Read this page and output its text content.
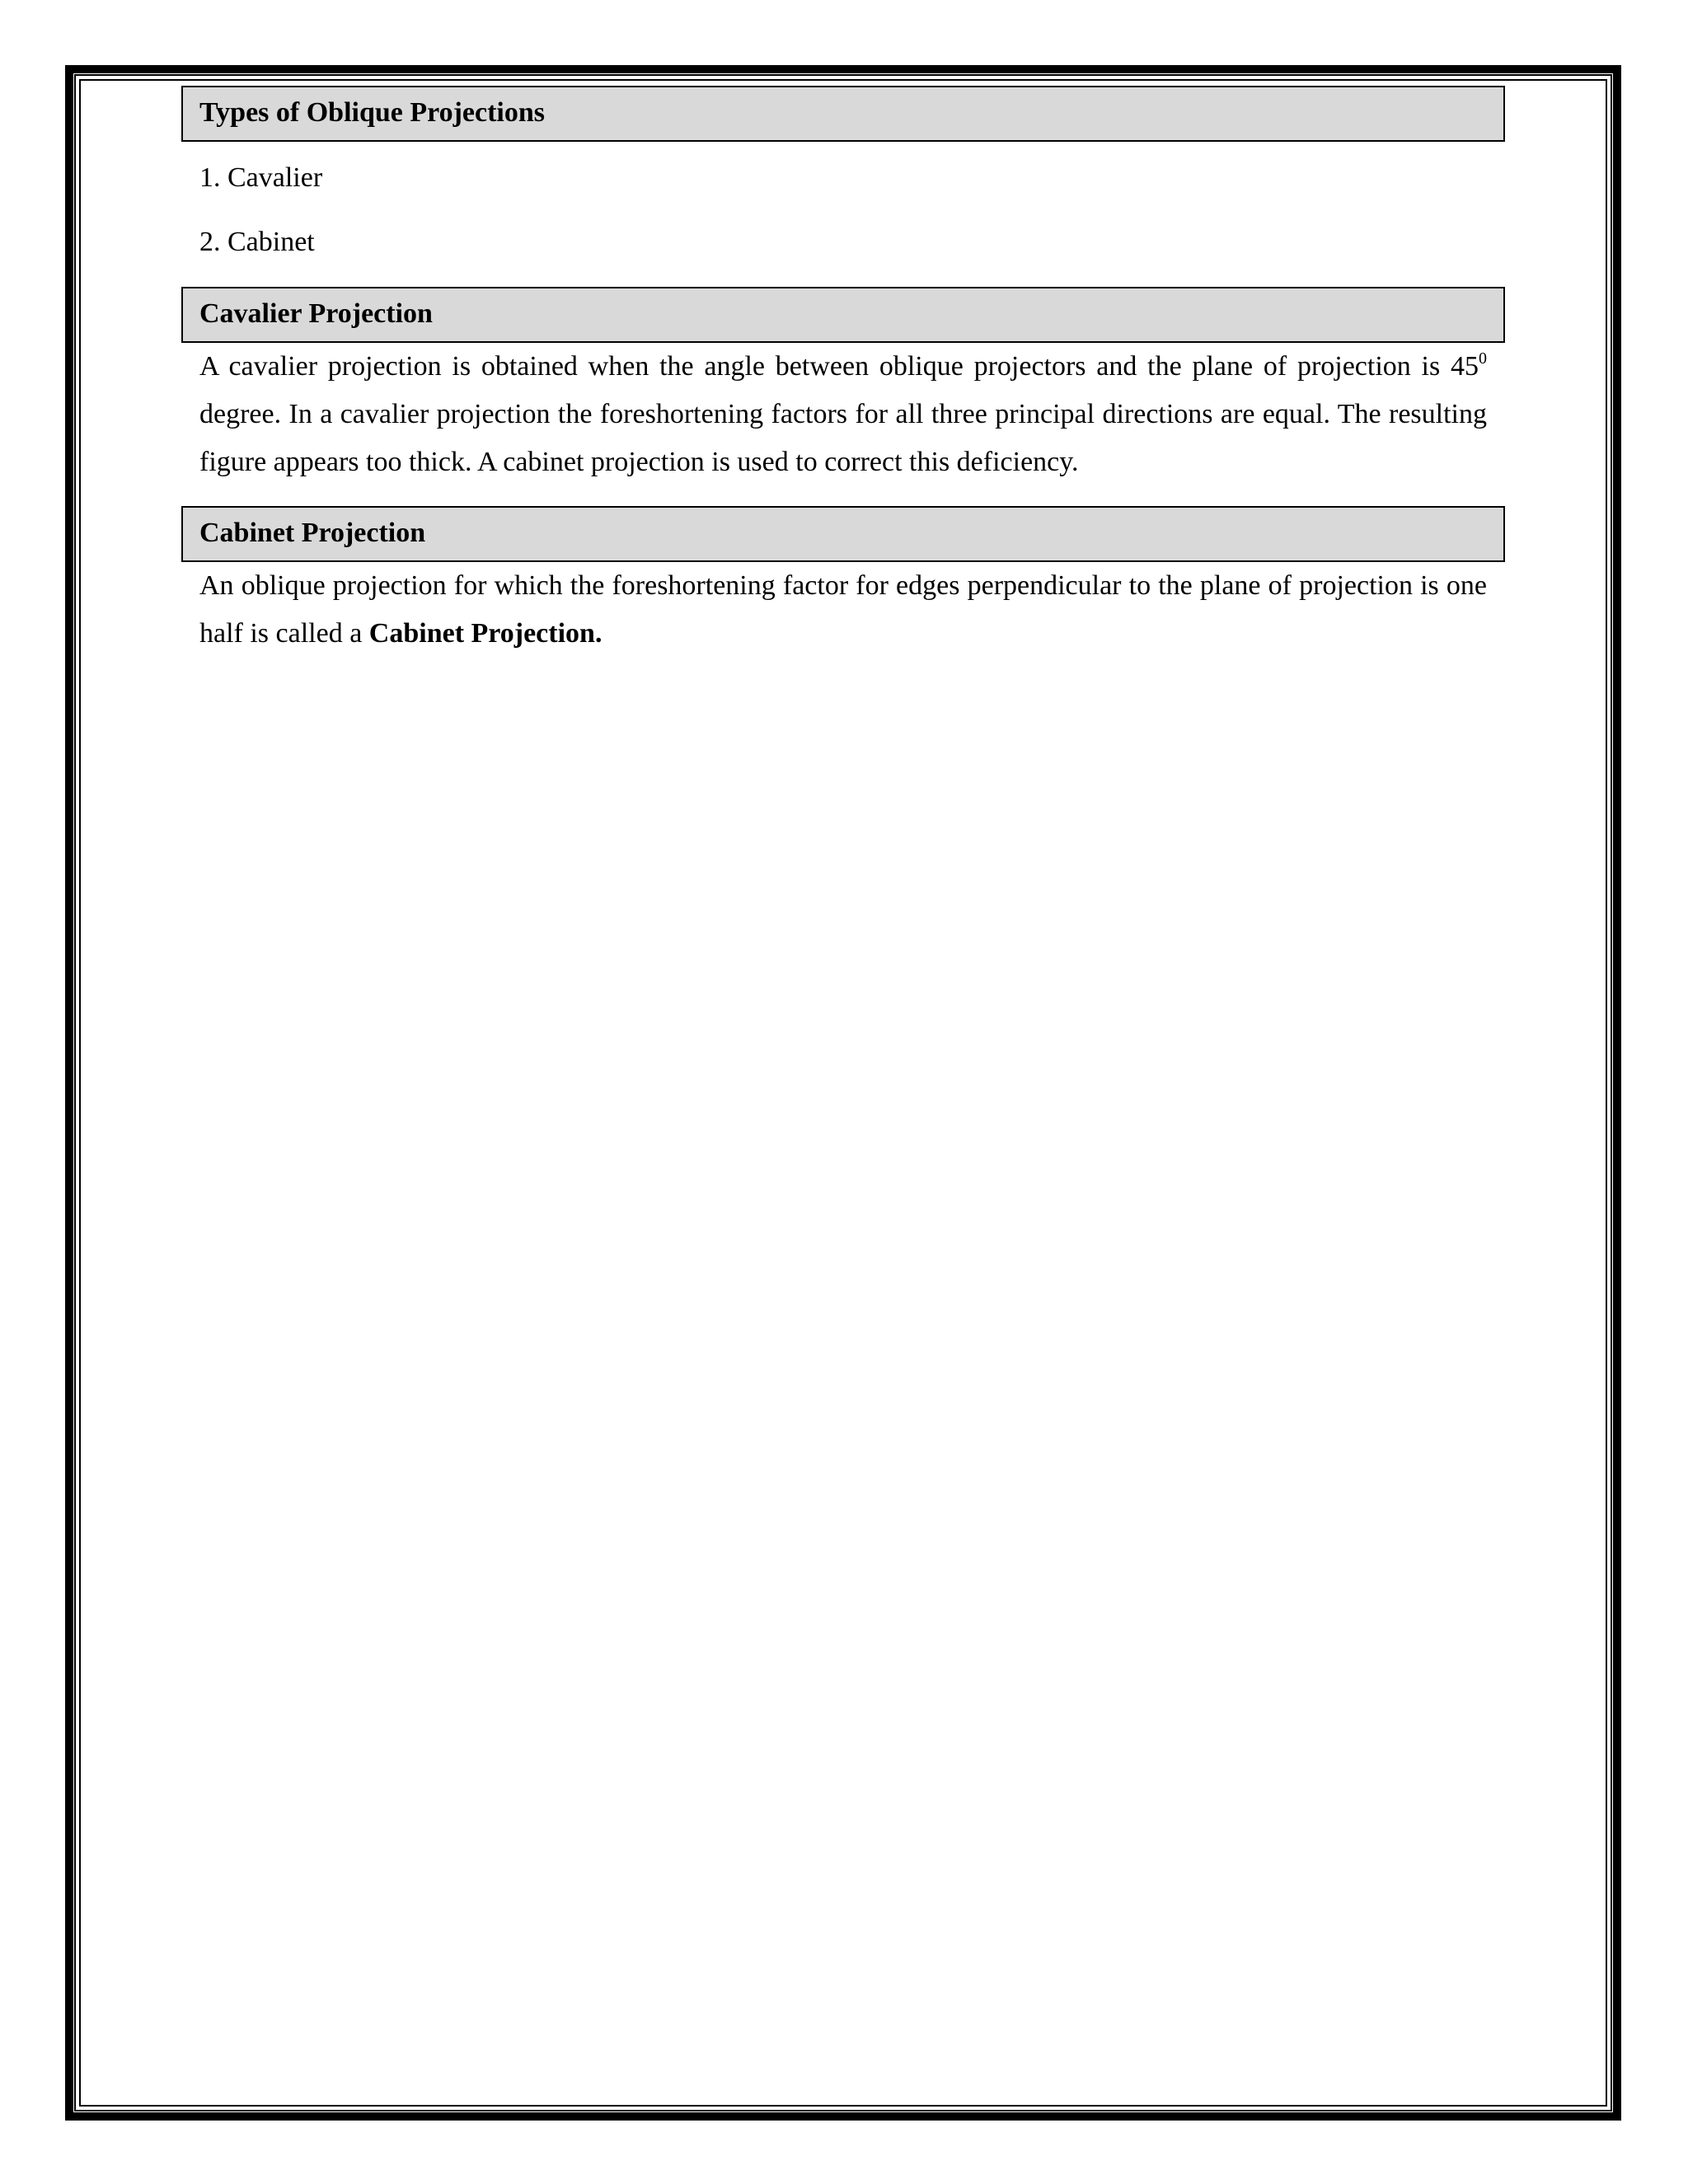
Types of Oblique Projections
1. Cavalier
2. Cabinet
Cavalier Projection
A cavalier projection is obtained when the angle between oblique projectors and the plane of projection is $45^0$ degree. In a cavalier projection the foreshortening factors for all three principal directions are equal. The resulting figure appears too thick. A cabinet projection is used to correct this deficiency.
Cabinet Projection
An oblique projection for which the foreshortening factor for edges perpendicular to the plane of projection is one half is called a Cabinet Projection.
